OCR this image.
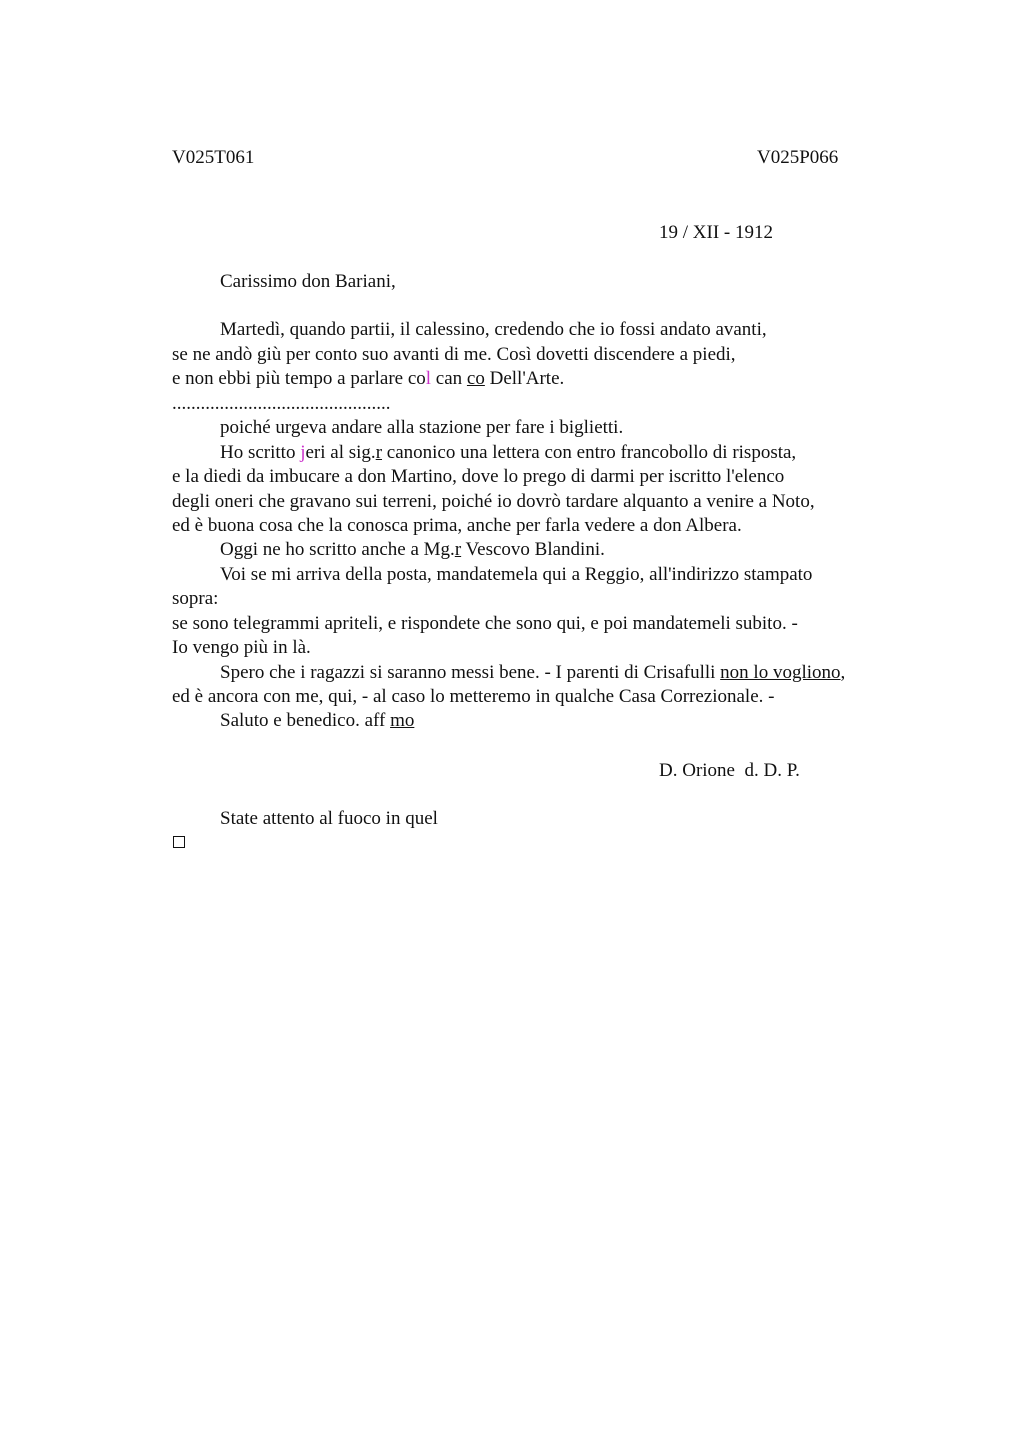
V025T061	V025P066
19 / XII - 1912
Carissimo don Bariani,
Martedì, quando partii, il calessino, credendo che io fossi andato avanti,
se ne andò giù per conto suo avanti di me. Così dovetti discendere a piedi,
e non ebbi più tempo a parlare col can co Dell'Arte.
..............................................
poiché urgeva andare alla stazione per fare i biglietti.
Ho scritto jeri al sig.r canonico una lettera con entro francobollo di risposta,
e la diedi da imbucare a don Martino, dove lo prego di darmi per iscritto l'elenco
degli oneri che gravano sui terreni, poiché io dovrò tardare alquanto a venire a Noto,
ed è buona cosa che la conosca prima, anche per farla vedere a don Albera.
Oggi ne ho scritto anche a Mg.r Vescovo Blandini.
Voi se mi arriva della posta, mandatemela qui a Reggio, all'indirizzo stampato
sopra:
se sono telegrammi apriteli, e rispondete che sono qui, e poi mandatemeli subito. -
Io vengo più in là.
Spero che i ragazzi si saranno messi bene. - I parenti di Crisafulli non lo vogliono,
ed è ancora con me, qui, - al caso lo metteremo in qualche Casa Correzionale. -
Saluto e benedico. aff mo
D. Orione  d. D. P.
State attento al fuoco in quel
